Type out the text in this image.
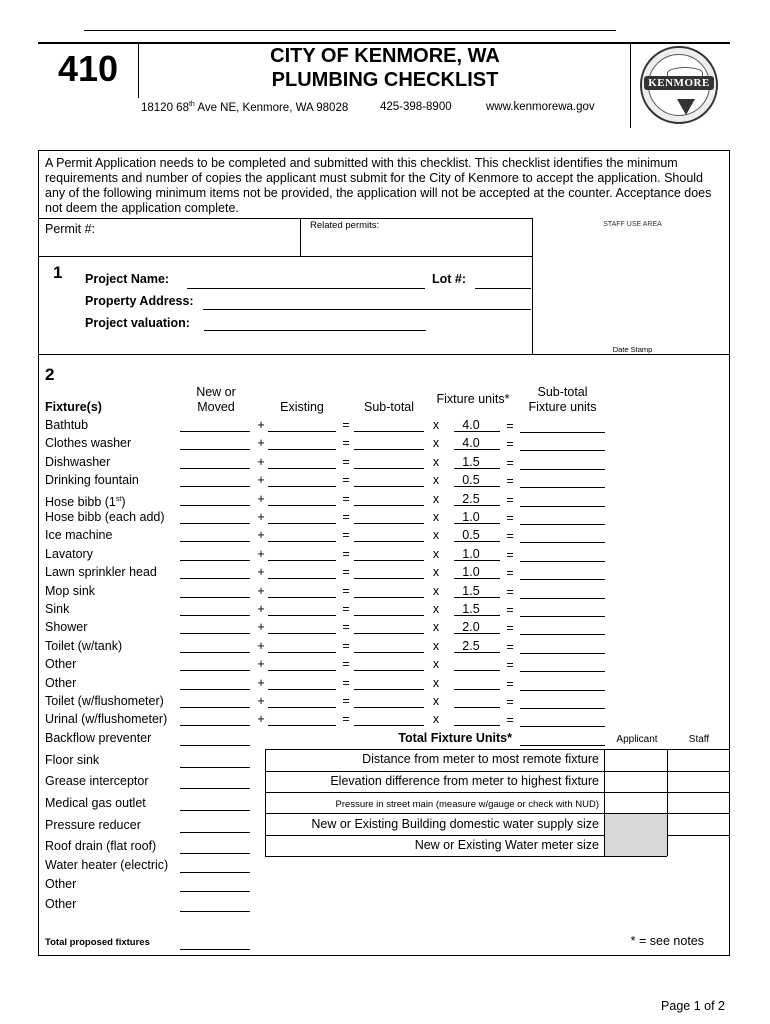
410	CITY OF KENMORE, WA
PLUMBING CHECKLIST
18120 68th Ave NE, Kenmore, WA 98028	425-398-8900	www.kenmorewa.gov
KENMORE
A Permit Application needs to be completed and submitted with this checklist. This checklist identifies the minimum requirements and number of copies the applicant must submit for the City of Kenmore to accept the application. Should any of the following minimum items not be provided, the application will not be accepted at the counter. Acceptance does not deem the application complete.
Permit #:	Related permits:	STAFF USE AREA
Date Stamp
1 Project Name:	Lot #:
Property Address:
Project valuation:
2
Fixture(s)
New or
Moved	Existing	Sub-total
Fixture units*	Sub-total
Fixture units
Bathtub	+	=	x	4.0	=
Clothes washer	+	=	x	4.0	=
Dishwasher	+	=	x	1.5	=
Drinking fountain	+	=	x	0.5	=
Hose bibb (1st)	+	=	x	2.5	=
Hose bibb (each add)	+	=	x	1.0	=
Ice machine	+	=	x	0.5	=
Lavatory	+	=	x	1.0	=
Lawn sprinkler head	+	=	x	1.0	=
Mop sink	+	=	x	1.5	=
Sink	+	=	x	1.5	=
Shower	+	=	x	2.0	=
Toilet (w/tank)	+	=	x	2.5	=
Other	+	=	x	=
Other	+	=	x	=
Toilet (w/flushometer)	+	=	x	=
Urinal (w/flushometer)	+	=	x	=
Backflow preventer	Total Fixture Units*	Applicant	Staff
Distance from meter to most remote fixture
Elevation difference from meter to highest fixture
Pressure in street main (measure w/gauge or check with NUD)
New or Existing Building domestic water supply size
New or Existing Water meter size
Floor sink
Grease interceptor
Medical gas outlet
Pressure reducer
Roof drain (flat roof)
Water heater (electric)
Other
Other
Total proposed fixtures	* = see notes
Page 1 of 2
